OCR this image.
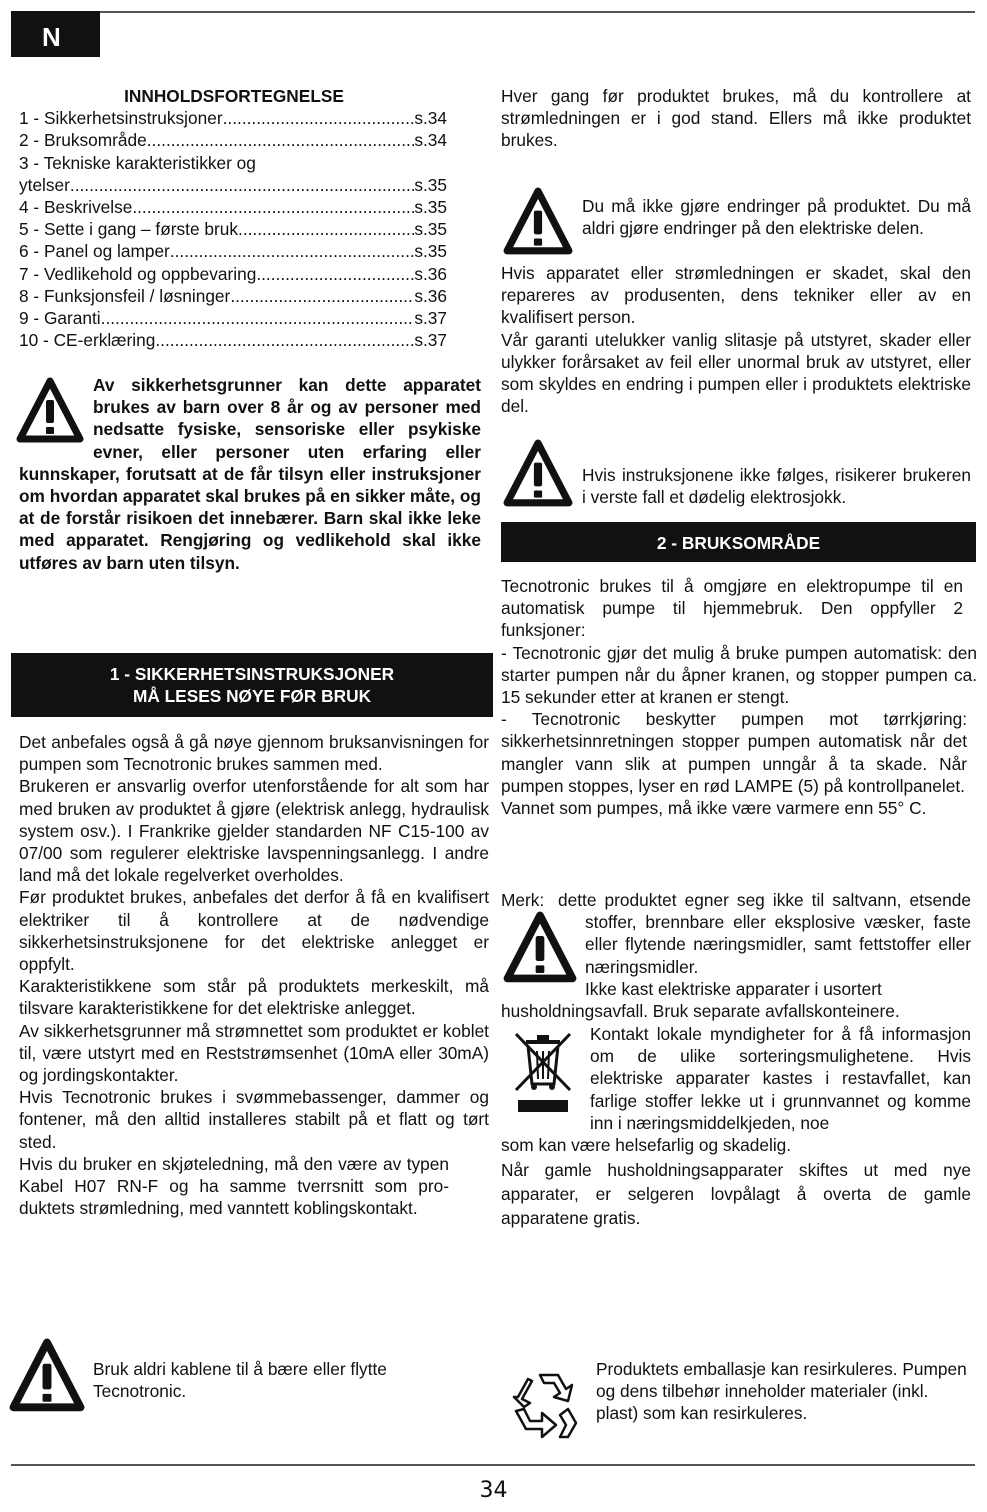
N
INNHOLDSFORTEGNELSE
1 - Sikkerhetsinstruksjoner .....	s.34
2 - Bruksområde .....	s.34
3 - Tekniske karakteristikker og
ytelser .....	s.35
4 - Beskrivelse .....	s.35
5 - Sette i gang – første bruk .....	s.35
6 - Panel og lamper .....	s.35
7 - Vedlikehold og oppbevaring .....	s.36
8 - Funksjonsfeil / løsninger .....	s.36
9 - Garanti .....	s.37
10 - CE-erklæring .....	s.37

Av sikkerhetsgrunner kan dette apparatet brukes av barn over 8 år og av personer med nedsatte fysiske, sensoriske eller psykiske evner, eller personer uten erfaring eller kunnskaper, forutsatt at de får tilsyn eller instruksjoner om hvordan apparatet skal brukes på en sikker måte, og at de forstår risikoen det innebærer. Barn skal ikke leke med apparatet. Rengjøring og vedlikehold skal ikke utføres av barn uten tilsyn.

1 - SIKKERHETSINSTRUKSJONER
MÅ LESES NØYE FØR BRUK

Det anbefales også å gå nøye gjennom bruksanvisningen for pumpen som Tecnotronic brukes sammen med.

Brukeren er ansvarlig overfor utenforstående for alt som har med bruken av produktet å gjøre (elektrisk anlegg, hydraulisk system osv.). I Frankrike gjelder standarden NF C15-100 av 07/00 som regulerer elektriske lavspenningsanlegg. I andre land må det lokale regelverket overholdes.

Før produktet brukes, anbefales det derfor å få en kvalifisert elektriker til å kontrollere at de nødvendige sikkerhetsinstruksjonene for det elektriske anlegget er oppfylt.

Karakteristikkene som står på produktets merkeskilt, må tilsvare karakteristikkene for det elektriske anlegget.

Av sikkerhetsgrunner må strømnettet som produktet er koblet til, være utstyrt med en Reststrømsenhet (10mA eller 30mA) og jordingskontakter.

Hvis Tecnotronic brukes i svømmebassenger, dammer og fontener, må den alltid installeres stabilt på et flatt og tørt sted.

Hvis du bruker en skjøteledning, må den være av typen Kabel H07 RN-F og ha samme tverrsnitt som pro-duktets strømledning, med vanntett koblingskontakt.

Bruk aldri kablene til å bære eller flytte Tecnotronic.
Hver gang før produktet brukes, må du kontrollere at strømledningen er i god stand. Ellers må ikke produktet brukes.
Du må ikke gjøre endringer på produktet. Du må aldri gjøre endringer på den elektriske delen.

Hvis apparatet eller strømledningen er skadet, skal den repareres av produsenten, dens tekniker eller av en kvalifisert person.

Vår garanti utelukker vanlig slitasje på utstyret, skader eller ulykker forårsaket av feil eller unormal bruk av utstyret, eller som skyldes en endring i pumpen eller i produktets elektriske del.

Hvis instruksjonene ikke følges, risikerer brukeren i verste fall et dødelig elektrosjokk.
2 - BRUKSOMRÅDE

Tecnotronic brukes til å omgjøre en elektropumpe til en automatisk pumpe til hjemmebruk. Den oppfyller 2 funksjoner:

- Tecnotronic gjør det mulig å bruke pumpen automatisk: den starter pumpen når du åpner kranen, og stopper pumpen ca. 15 sekunder etter at kranen er stengt.

- Tecnotronic beskytter pumpen mot tørrkjøring: sikkerhetsinnretningen stopper pumpen automatisk når det mangler vann slik at pumpen unngår å ta skade. Når pumpen stoppes, lyser en rød LAMPE (5) på kontrollpanelet.

Vannet som pumpes, må ikke være varmere enn 55° C.

Merk: dette produktet egner seg ikke til saltvann, etsende stoffer, brennbare eller eksplosive væsker, faste eller flytende næringsmidler, samt fettstoffer eller næringsmidler.
Ikke kast elektriske apparater i usortert
husholdningsavfall. Bruk separate avfallskonteinere.
Kontakt lokale myndigheter for å få informasjon om de ulike sorteringsmulighetene. Hvis elektriske apparater kastes i restavfallet, kan farlige stoffer lekke ut i grunnvannet og komme inn i næringsmiddelkjeden, noe
som kan være helsefarlig og skadelig.
Når gamle husholdningsapparater skiftes ut med nye apparater, er selgeren lovpålagt å overta de gamle apparatene gratis.
Produktets emballasje kan resirkuleres. Pumpen og dens tilbehør inneholder materialer (inkl. plast) som kan resirkuleres.
34
